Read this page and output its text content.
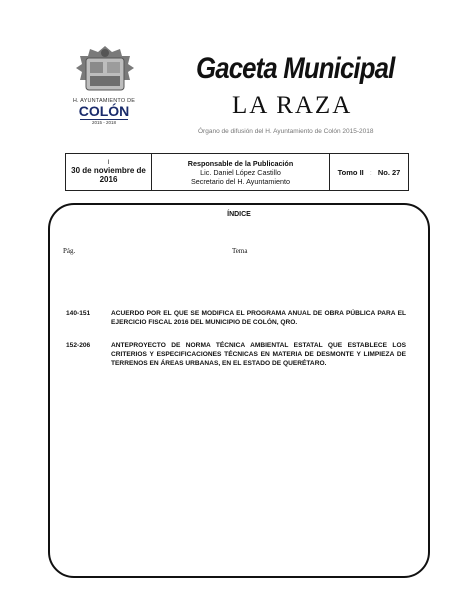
H. AYUNTAMIENTO DE
COLÓN
2015 - 2018
Gaceta Municipal
LA RAZA
Órgano de difusión del H. Ayuntamiento de Colón 2015-2018
I
30 de noviembre de 2016
Responsable de la Publicación
Lic. Daniel López Castillo
Secretario del H. Ayuntamiento
Tomo II : No. 27
ÍNDICE
Pág.	Tema
140-151	ACUERDO POR EL QUE SE MODIFICA EL PROGRAMA ANUAL DE OBRA PÚBLICA PARA EL EJERCICIO FISCAL 2016 DEL MUNICIPIO DE COLÓN, QRO.
152-206	ANTEPROYECTO DE NORMA TÉCNICA AMBIENTAL ESTATAL QUE ESTABLECE LOS CRITERIOS Y ESPECIFICACIONES TÉCNICAS EN MATERIA DE DESMONTE Y LIMPIEZA DE TERRENOS EN ÁREAS URBANAS, EN EL ESTADO DE QUERÉTARO.
